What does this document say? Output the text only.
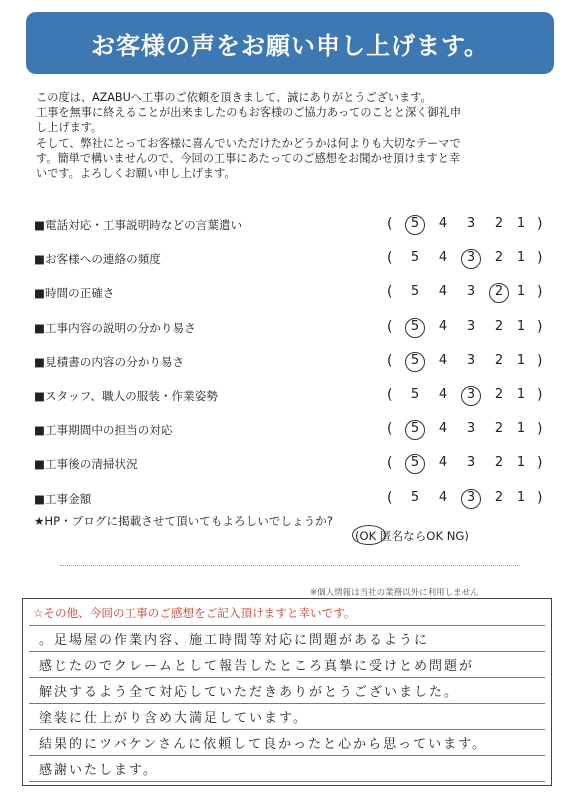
お客様の声をお願い申し上げます。

この度は、AZABUへ工事のご依頼を頂きまして、誠にありがとうございます。

工事を無事に終えることが出来ましたのもお客様のご協力あってのことと深く御礼申

し上げます。

そして、弊社にとってお客様に喜んでいただけたかどうかは何よりも大切なテーマで

す。簡単で構いませんので、今回の工事にあたってのご感想をお聞かせ頂けますと幸

いです。よろしくお願い申し上げます。

■電話対応・工事説明時などの言葉遣い	(	5	4	3	2	1 )
■お客様への連絡の頻度	(	5	4	3	2	1 )
■時間の正確さ	(	5	4	3	2	1 )
■工事内容の説明の分かり易さ	(	5	4	3	2	1 )
■見積書の内容の分かり易さ	(	5	4	3	2	1 )
■スタッフ、職人の服装・作業姿勢	(	5	4	3	2	1 )
■工事期間中の担当の対応	(	5	4	3	2	1 )
■工事後の清掃状況	(	5	4	3	2	1 )
■工事金額	(	5	4	3	2	1 )
★HP・ブログに掲載させて頂いてもよろしいでしょうか?
(OK 匿名ならOK NG)
※個人情報は当社の業務以外に利用しません
☆その他、今回の工事のご感想をご記入頂けますと幸いです。
。足場屋の作業内容、施工時間等対応に問題があるように
感じたのでクレームとして報告したところ真摯に受けとめ問題が
解決するよう全て対応していただきありがとうございました。
塗装に仕上がり含め大満足しています。
結果的にツバケンさんに依頼して良かったと心から思っています。
感謝いたします。
